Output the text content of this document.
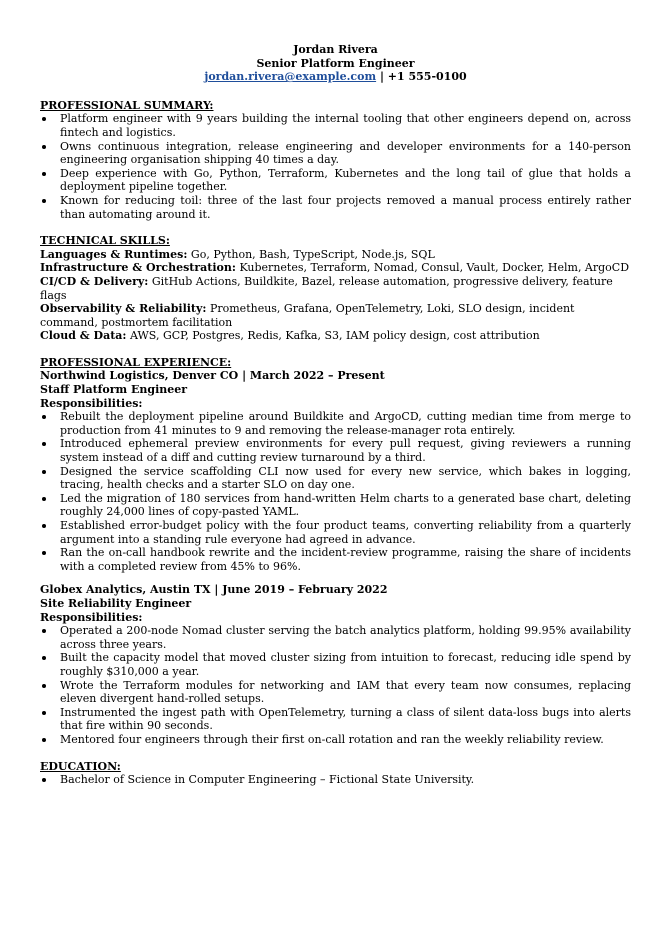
Jordan Rivera
Senior Platform Engineer
jordan.rivera@example.com | +1 555-0100
PROFESSIONAL SUMMARY:
Platform engineer with 9 years building the internal tooling that other engineers depend on, across fintech and logistics.
Owns continuous integration, release engineering and developer environments for a 140-person engineering organisation shipping 40 times a day.
Deep experience with Go, Python, Terraform, Kubernetes and the long tail of glue that holds a deployment pipeline together.
Known for reducing toil: three of the last four projects removed a manual process entirely rather than automating around it.
TECHNICAL SKILLS:
Languages & Runtimes: Go, Python, Bash, TypeScript, Node.js, SQL
Infrastructure & Orchestration: Kubernetes, Terraform, Nomad, Consul, Vault, Docker, Helm, ArgoCD
CI/CD & Delivery: GitHub Actions, Buildkite, Bazel, release automation, progressive delivery, feature flags
Observability & Reliability: Prometheus, Grafana, OpenTelemetry, Loki, SLO design, incident command, postmortem facilitation
Cloud & Data: AWS, GCP, Postgres, Redis, Kafka, S3, IAM policy design, cost attribution
PROFESSIONAL EXPERIENCE:
Northwind Logistics, Denver CO | March 2022 – Present
Staff Platform Engineer
Responsibilities:
Rebuilt the deployment pipeline around Buildkite and ArgoCD, cutting median time from merge to production from 41 minutes to 9 and removing the release-manager rota entirely.
Introduced ephemeral preview environments for every pull request, giving reviewers a running system instead of a diff and cutting review turnaround by a third.
Designed the service scaffolding CLI now used for every new service, which bakes in logging, tracing, health checks and a starter SLO on day one.
Led the migration of 180 services from hand-written Helm charts to a generated base chart, deleting roughly 24,000 lines of copy-pasted YAML.
Established error-budget policy with the four product teams, converting reliability from a quarterly argument into a standing rule everyone had agreed in advance.
Ran the on-call handbook rewrite and the incident-review programme, raising the share of incidents with a completed review from 45% to 96%.
Globex Analytics, Austin TX | June 2019 – February 2022
Site Reliability Engineer
Responsibilities:
Operated a 200-node Nomad cluster serving the batch analytics platform, holding 99.95% availability across three years.
Built the capacity model that moved cluster sizing from intuition to forecast, reducing idle spend by roughly $310,000 a year.
Wrote the Terraform modules for networking and IAM that every team now consumes, replacing eleven divergent hand-rolled setups.
Instrumented the ingest path with OpenTelemetry, turning a class of silent data-loss bugs into alerts that fire within 90 seconds.
Mentored four engineers through their first on-call rotation and ran the weekly reliability review.
EDUCATION:
Bachelor of Science in Computer Engineering – Fictional State University.
